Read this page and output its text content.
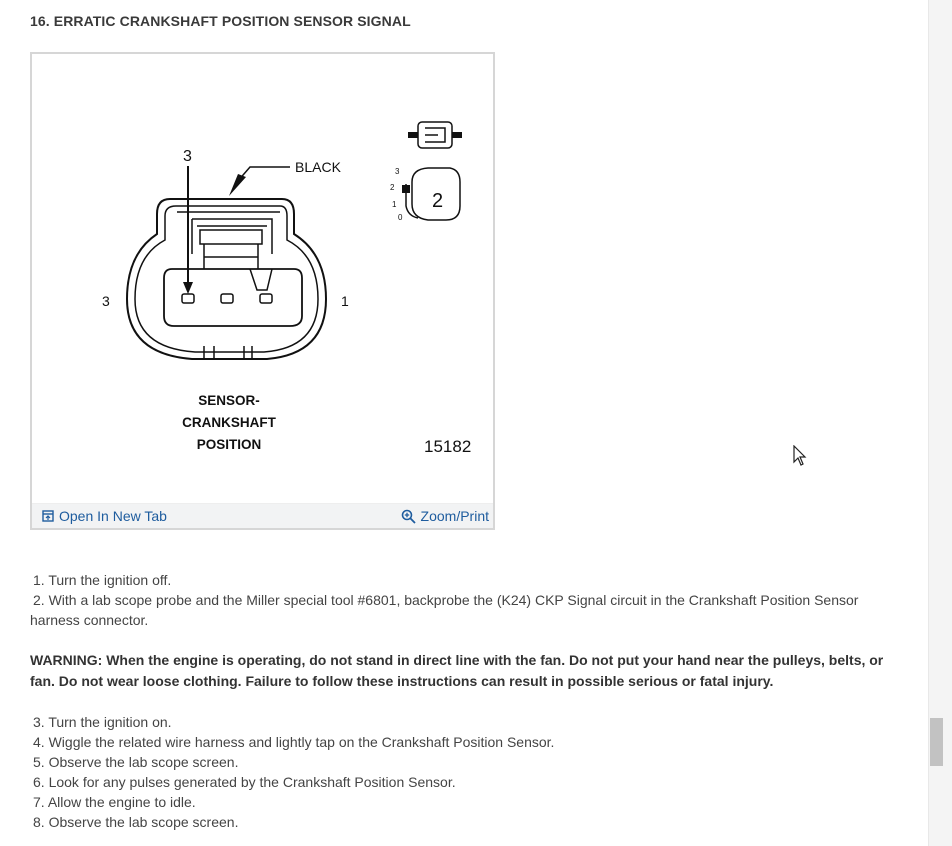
16. ERRATIC CRANKSHAFT POSITION SENSOR SIGNAL
3
BLACK
3	1
SENSOR-
CRANKSHAFT
POSITION	15182
2
3
2
1
0
Open In New Tab	Zoom/Print

1. Turn the ignition off.

2. With a lab scope probe and the Miller special tool #6801, backprobe the (K24) CKP Signal circuit in the Crankshaft Position Sensor harness connector.

WARNING: When the engine is operating, do not stand in direct line with the fan. Do not put your hand near the pulleys, belts, or fan. Do not wear loose clothing. Failure to follow these instructions can result in possible serious or fatal injury.

3. Turn the ignition on.

4. Wiggle the related wire harness and lightly tap on the Crankshaft Position Sensor.

5. Observe the lab scope screen.

6. Look for any pulses generated by the Crankshaft Position Sensor.

7. Allow the engine to idle.

8. Observe the lab scope screen.
